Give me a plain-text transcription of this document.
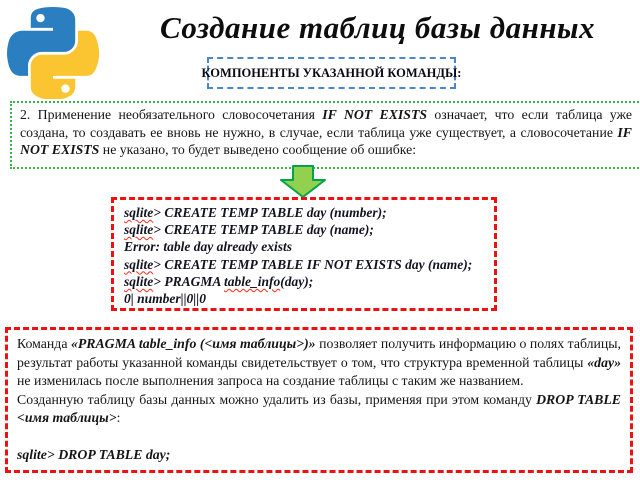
Создание таблиц базы данных
КОМПОНЕНТЫ УКАЗАННОЙ КОМАНДЫ:

2. Применение необязательного словосочетания IF NOT EXISTS означает, что если таблица уже создана, то создавать ее вновь не нужно, в случае, если таблица уже существует, а словосочетание IF NOT EXISTS не указано, то будет выведено сообщение об ошибке:

sqlite> CREATE TEMP TABLE day (number);
sqlite> CREATE TEMP TABLE day (name);
Error: table day already exists
sqlite> CREATE TEMP TABLE IF NOT EXISTS day (name);
sqlite> PRAGMA table_info(day);
0| number||0||0

Команда «PRAGMA table_info (<имя таблицы>)» позволяет получить информацию о полях таблицы, результат работы указанной команды свидетельствует о том, что структура временной таблицы «day» не изменилась после выполнения запроса на создание таблицы с таким же названием.

Созданную таблицу базы данных можно удалить из базы, применяя при этом команду DROP TABLE <имя таблицы>:

sqlite> DROP TABLE day;
